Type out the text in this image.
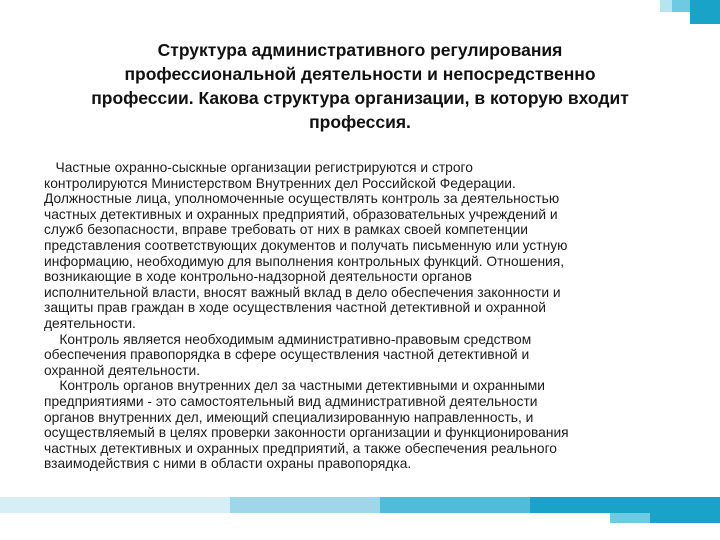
Структура административного регулирования
профессиональной деятельности и непосредственно
профессии. Какова структура организации, в которую входит
профессия.
Частные охранно-сыскные организации регистрируются и строго
контролируются Министерством Внутренних дел Российской Федерации.
Должностные лица, уполномоченные осуществлять контроль за деятельностью
частных детективных и охранных предприятий, образовательных учреждений и
служб безопасности, вправе требовать от них в рамках своей компетенции
представления соответствующих документов и получать письменную или устную
информацию, необходимую для выполнения контрольных функций. Отношения,
возникающие в ходе контрольно-надзорной деятельности органов
исполнительной власти, вносят важный вклад в дело обеспечения законности и
защиты прав граждан в ходе осуществления частной детективной и охранной
деятельности.
Контроль является необходимым административно-правовым средством
обеспечения правопорядка в сфере осуществления частной детективной и
охранной деятельности.
Контроль органов внутренних дел за частными детективными и охранными
предприятиями - это самостоятельный вид административной деятельности
органов внутренних дел, имеющий специализированную направленность, и
осуществляемый в целях проверки законности организации и функционирования
частных детективных и охранных предприятий, а также обеспечения реального
взаимодействия с ними в области охраны правопорядка.
